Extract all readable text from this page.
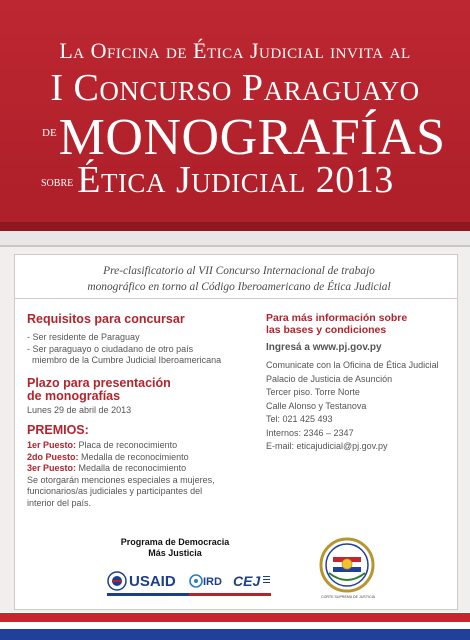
La Oficina de Ética Judicial invita al
I Concurso Paraguayo
deMONOGRAFÍAS
sobre Ética Judicial 2013
Pre-clasificatorio al VII Concurso Internacional de trabajo
monográfico en torno al Código Iberoamericano de Ética Judicial
Requisitos para concursar
- Ser residente de Paraguay
- Ser paraguayo o ciudadano de otro país
miembro de la Cumbre Judicial Iberoamericana
Plazo para presentación
de monografías
Lunes 29 de abril de 2013
PREMIOS:
1er Puesto: Placa de reconocimiento
2do Puesto: Medalla de reconocimiento
3er Puesto: Medalla de reconocimiento
Se otorgarán menciones especiales a mujeres,
funcionarios/as judiciales y participantes del
interior del país.
Para más información sobre
las bases y condiciones
Ingresá a www.pj.gov.py
Comunicate con la Oficina de Ética Judicial
Palacio de Justicia de Asunción
Tercer piso. Torre Norte
Calle Alonso y Testanova
Tel: 021 425 493
Internos: 2346 – 2347
E-mail: eticajudicial@pj.gov.py
Programa de Democracia
Más Justicia
USAID IRD CEJ
CORTE SUPREMA DE JUSTICIA
